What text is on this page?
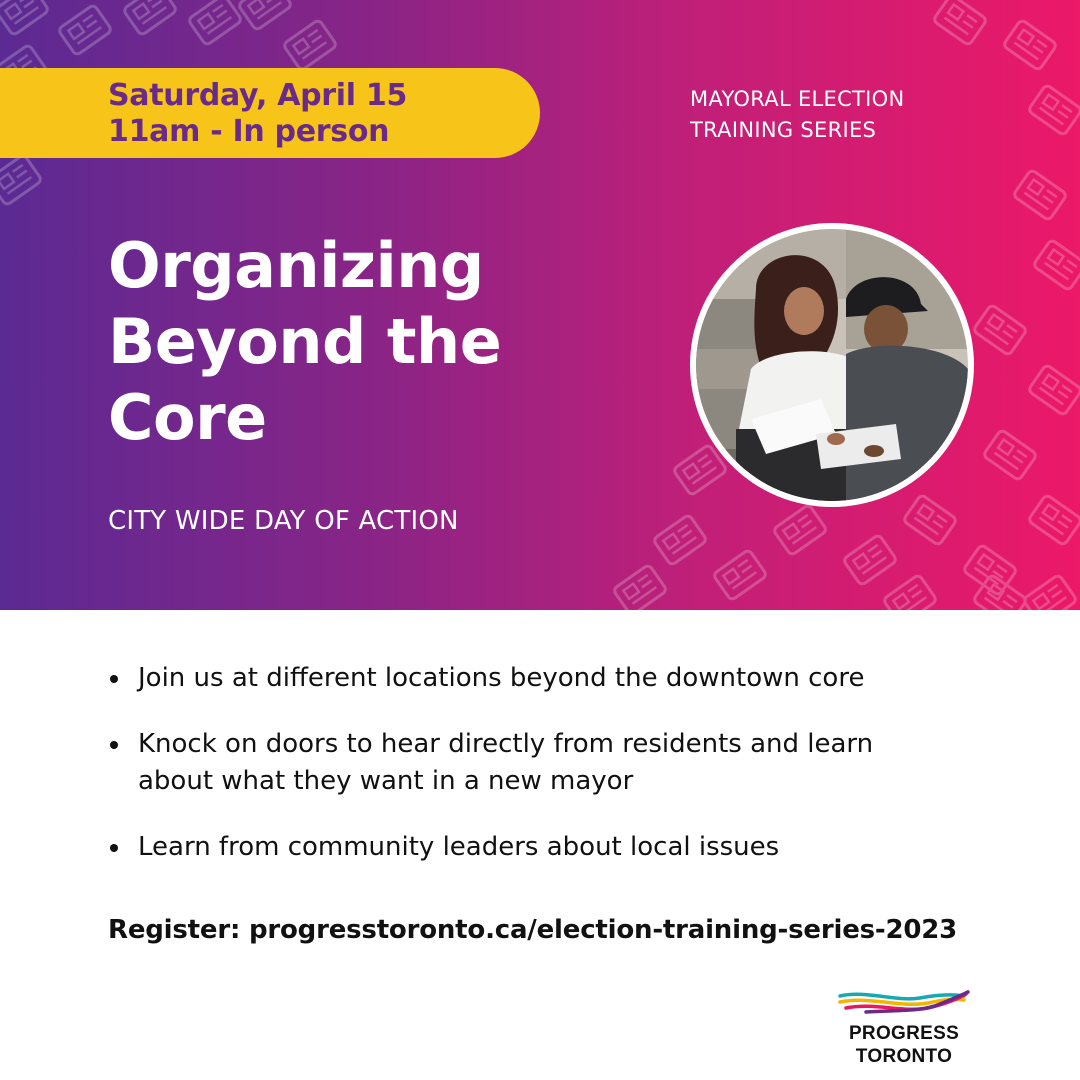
Saturday, April 15
11am - In person
MAYORAL ELECTION
TRAINING SERIES
Organizing
Beyond the
Core
CITY WIDE DAY OF ACTION
Join us at different locations beyond the downtown core
Knock on doors to hear directly from residents and learn
about what they want in a new mayor
Learn from community leaders about local issues
Register: progresstoronto.ca/election-training-series-2023
PROGRESS
TORONTO
